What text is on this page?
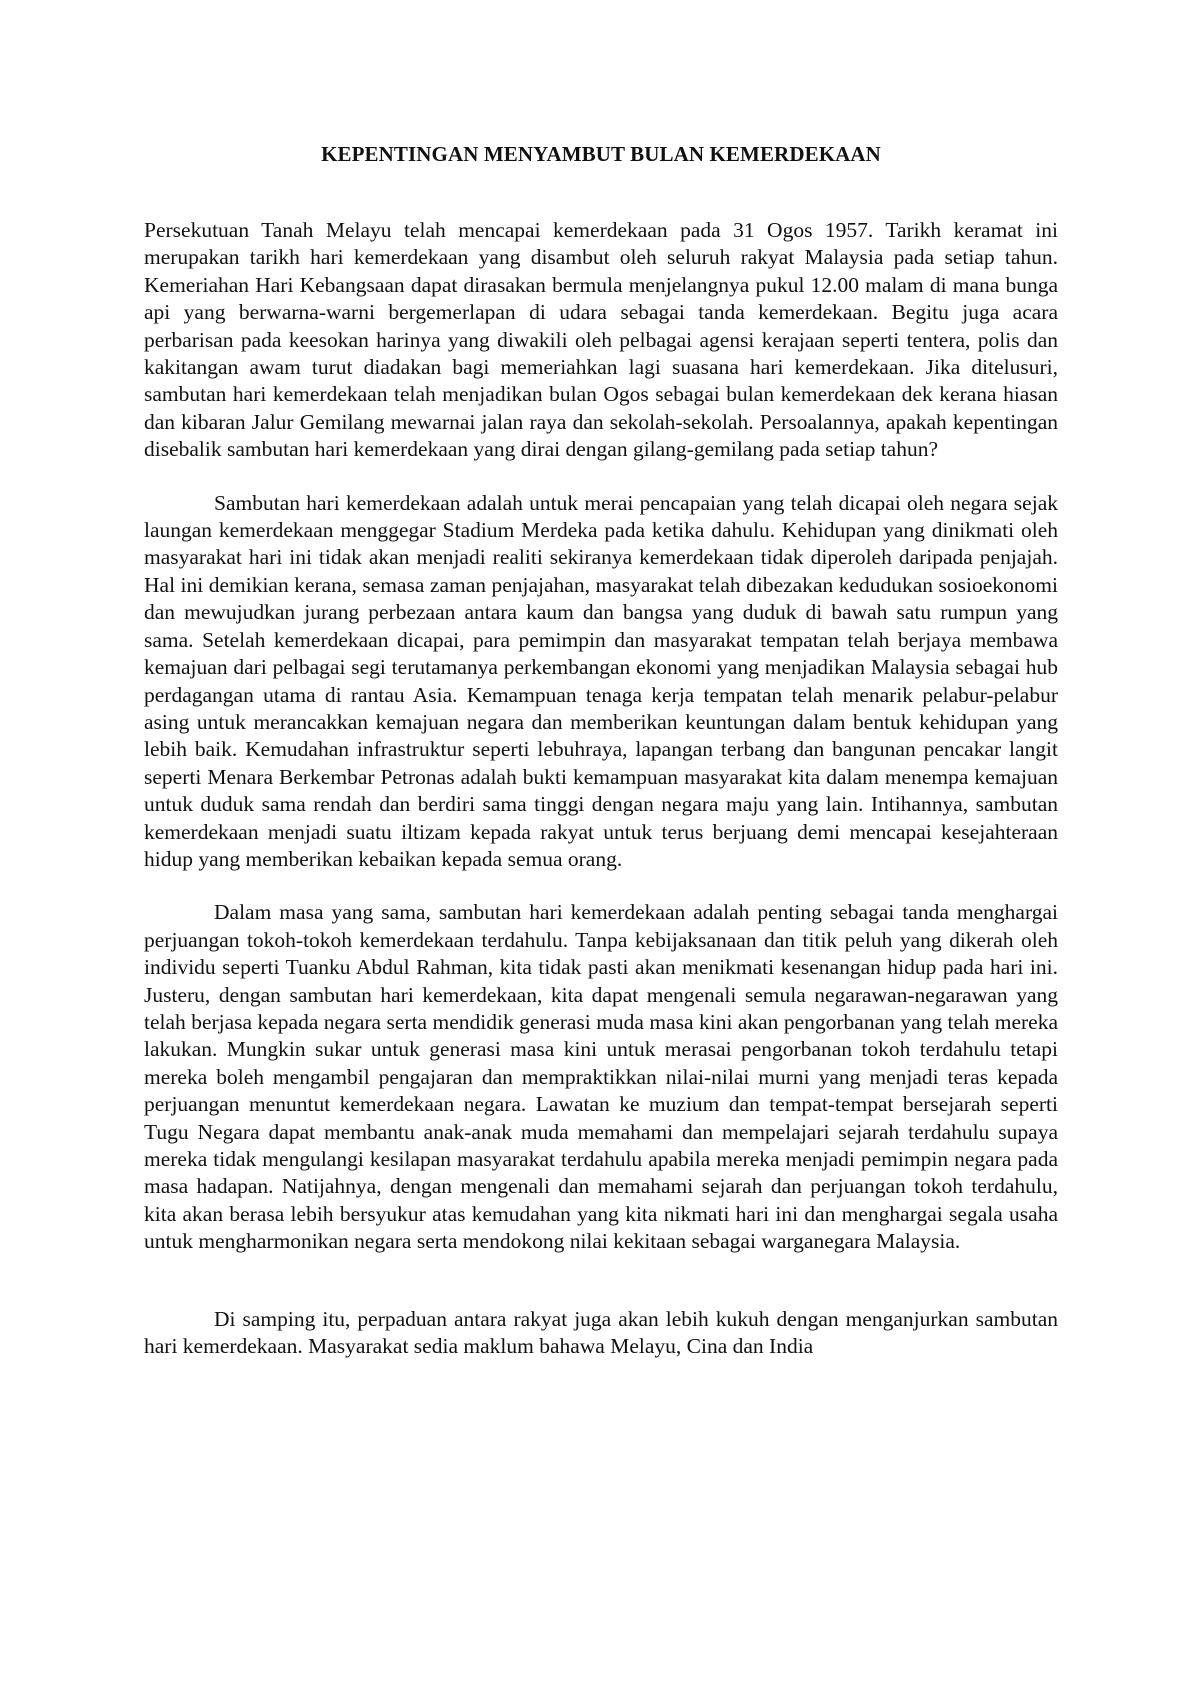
KEPENTINGAN MENYAMBUT BULAN KEMERDEKAAN

Persekutuan Tanah Melayu telah mencapai kemerdekaan pada 31 Ogos 1957. Tarikh keramat ini merupakan tarikh hari kemerdekaan yang disambut oleh seluruh rakyat Malaysia pada setiap tahun. Kemeriahan Hari Kebangsaan dapat dirasakan bermula menjelangnya pukul 12.00 malam di mana bunga api yang berwarna-warni bergemerlapan di udara sebagai tanda kemerdekaan. Begitu juga acara perbarisan pada keesokan harinya yang diwakili oleh pelbagai agensi kerajaan seperti tentera, polis dan kakitangan awam turut diadakan bagi memeriahkan lagi suasana hari kemerdekaan. Jika ditelusuri, sambutan hari kemerdekaan telah menjadikan bulan Ogos sebagai bulan kemerdekaan dek kerana hiasan dan kibaran Jalur Gemilang mewarnai jalan raya dan sekolah-sekolah. Persoalannya, apakah kepentingan disebalik sambutan hari kemerdekaan yang dirai dengan gilang-gemilang pada setiap tahun?

Sambutan hari kemerdekaan adalah untuk merai pencapaian yang telah dicapai oleh negara sejak laungan kemerdekaan menggegar Stadium Merdeka pada ketika dahulu. Kehidupan yang dinikmati oleh masyarakat hari ini tidak akan menjadi realiti sekiranya kemerdekaan tidak diperoleh daripada penjajah. Hal ini demikian kerana, semasa zaman penjajahan, masyarakat telah dibezakan kedudukan sosioekonomi dan mewujudkan jurang perbezaan antara kaum dan bangsa yang duduk di bawah satu rumpun yang sama. Setelah kemerdekaan dicapai, para pemimpin dan masyarakat tempatan telah berjaya membawa kemajuan dari pelbagai segi terutamanya perkembangan ekonomi yang menjadikan Malaysia sebagai hub perdagangan utama di rantau Asia. Kemampuan tenaga kerja tempatan telah menarik pelabur-pelabur asing untuk merancakkan kemajuan negara dan memberikan keuntungan dalam bentuk kehidupan yang lebih baik. Kemudahan infrastruktur seperti lebuhraya, lapangan terbang dan bangunan pencakar langit seperti Menara Berkembar Petronas adalah bukti kemampuan masyarakat kita dalam menempa kemajuan untuk duduk sama rendah dan berdiri sama tinggi dengan negara maju yang lain. Intihannya, sambutan kemerdekaan menjadi suatu iltizam kepada rakyat untuk terus berjuang demi mencapai kesejahteraan hidup yang memberikan kebaikan kepada semua orang.

Dalam masa yang sama, sambutan hari kemerdekaan adalah penting sebagai tanda menghargai perjuangan tokoh-tokoh kemerdekaan terdahulu. Tanpa kebijaksanaan dan titik peluh yang dikerah oleh individu seperti Tuanku Abdul Rahman, kita tidak pasti akan menikmati kesenangan hidup pada hari ini. Justeru, dengan sambutan hari kemerdekaan, kita dapat mengenali semula negarawan-negarawan yang telah berjasa kepada negara serta mendidik generasi muda masa kini akan pengorbanan yang telah mereka lakukan. Mungkin sukar untuk generasi masa kini untuk merasai pengorbanan tokoh terdahulu tetapi mereka boleh mengambil pengajaran dan mempraktikkan nilai-nilai murni yang menjadi teras kepada perjuangan menuntut kemerdekaan negara. Lawatan ke muzium dan tempat-tempat bersejarah seperti Tugu Negara dapat membantu anak-anak muda memahami dan mempelajari sejarah terdahulu supaya mereka tidak mengulangi kesilapan masyarakat terdahulu apabila mereka menjadi pemimpin negara pada masa hadapan. Natijahnya, dengan mengenali dan memahami sejarah dan perjuangan tokoh terdahulu, kita akan berasa lebih bersyukur atas kemudahan yang kita nikmati hari ini dan menghargai segala usaha untuk mengharmonikan negara serta mendokong nilai kekitaan sebagai warganegara Malaysia.

Di samping itu, perpaduan antara rakyat juga akan lebih kukuh dengan menganjurkan sambutan hari kemerdekaan. Masyarakat sedia maklum bahawa Melayu, Cina dan India
